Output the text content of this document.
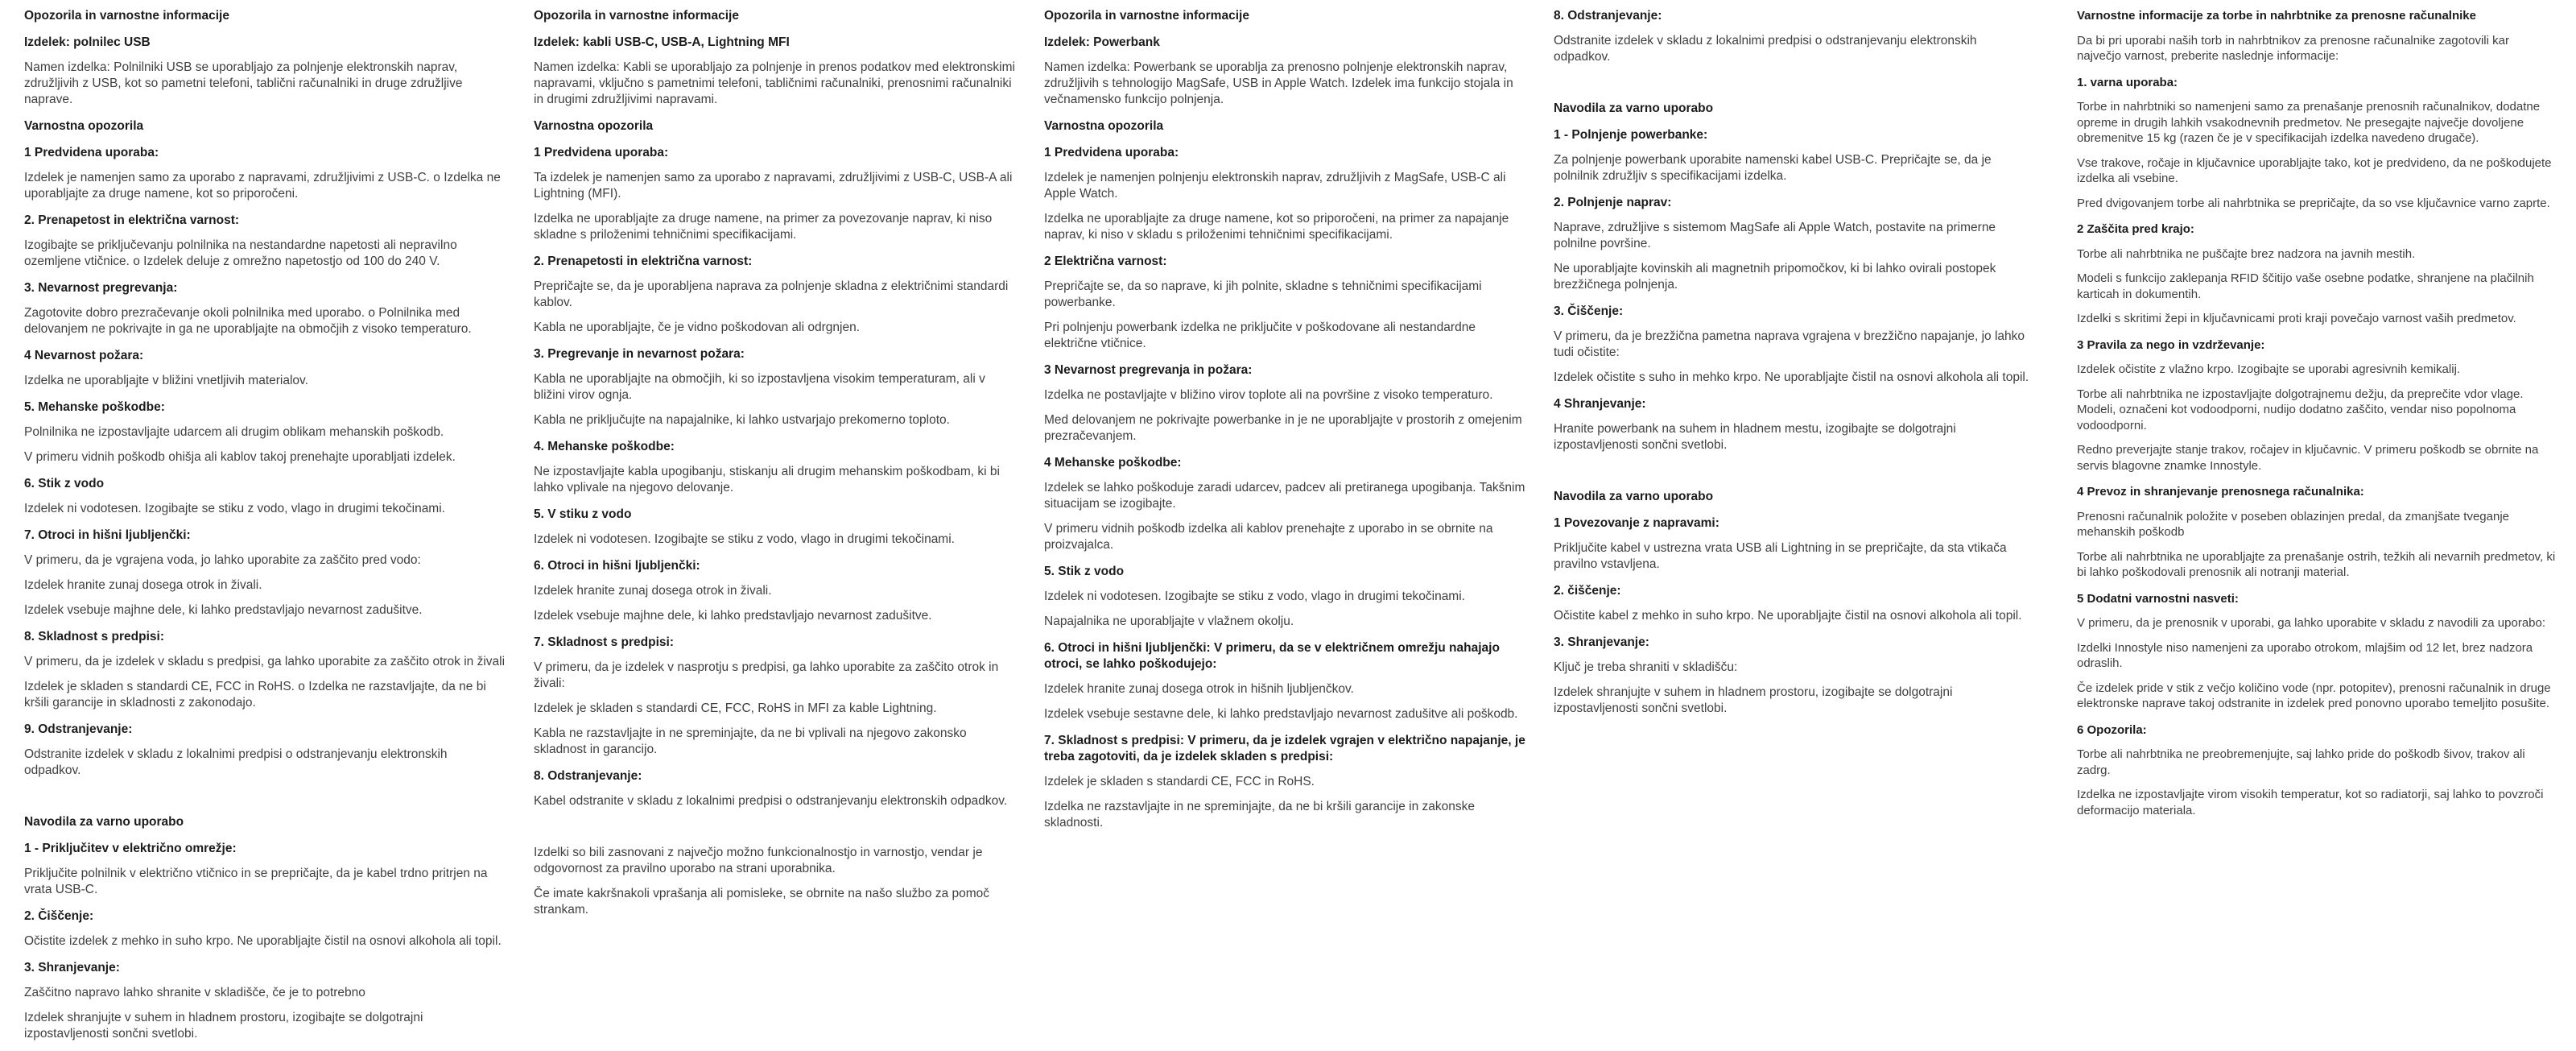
Opozorila in varnostne informacije
Izdelek: polnilec USB
Namen izdelka: Polnilniki USB se uporabljajo za polnjenje elektronskih naprav, združljivih z USB, kot so pametni telefoni, tablični računalniki in druge združljive naprave.
Varnostna opozorila
1 Predvidena uporaba:
Izdelek je namenjen samo za uporabo z napravami, združljivimi z USB-C. o Izdelka ne uporabljajte za druge namene, kot so priporočeni.
2. Prenapetost in električna varnost:
Izogibajte se priključevanju polnilnika na nestandardne napetosti ali nepravilno ozemljene vtičnice. o Izdelek deluje z omrežno napetostjo od 100 do 240 V.
3. Nevarnost pregrevanja:
Zagotovite dobro prezračevanje okoli polnilnika med uporabo. o Polnilnika med delovanjem ne pokrivajte in ga ne uporabljajte na območjih z visoko temperaturo.
4 Nevarnost požara:
Izdelka ne uporabljajte v bližini vnetljivih materialov.
5. Mehanske poškodbe:
Polnilnika ne izpostavljajte udarcem ali drugim oblikam mehanskih poškodb.
V primeru vidnih poškodb ohišja ali kablov takoj prenehajte uporabljati izdelek.
6. Stik z vodo
Izdelek ni vodotesen. Izogibajte se stiku z vodo, vlago in drugimi tekočinami.
7. Otroci in hišni ljubljenčki:
V primeru, da je vgrajena voda, jo lahko uporabite za zaščito pred vodo:
Izdelek hranite zunaj dosega otrok in živali.
Izdelek vsebuje majhne dele, ki lahko predstavljajo nevarnost zadušitve.
8. Skladnost s predpisi:
V primeru, da je izdelek v skladu s predpisi, ga lahko uporabite za zaščito otrok in živali
Izdelek je skladen s standardi CE, FCC in RoHS. o Izdelka ne razstavljajte, da ne bi kršili garancije in skladnosti z zakonodajo.
9. Odstranjevanje:
Odstranite izdelek v skladu z lokalnimi predpisi o odstranjevanju elektronskih odpadkov.
Navodila za varno uporabo
1 - Priključitev v električno omrežje:
Priključite polnilnik v električno vtičnico in se prepričajte, da je kabel trdno pritrjen na vrata USB-C.
2. Čiščenje:
Očistite izdelek z mehko in suho krpo. Ne uporabljajte čistil na osnovi alkohola ali topil.
3. Shranjevanje:
Zaščitno napravo lahko shranite v skladišče, če je to potrebno
Izdelek shranjujte v suhem in hladnem prostoru, izogibajte se dolgotrajni izpostavljenosti sončni svetlobi.
Opozorila in varnostne informacije
Izdelek: kabli USB-C, USB-A, Lightning MFI
Namen izdelka: Kabli se uporabljajo za polnjenje in prenos podatkov med elektronskimi napravami, vključno s pametnimi telefoni, tabličnimi računalniki, prenosnimi računalniki in drugimi združljivimi napravami.
Varnostna opozorila
1 Predvidena uporaba:
Ta izdelek je namenjen samo za uporabo z napravami, združljivimi z USB-C, USB-A ali Lightning (MFI).
Izdelka ne uporabljajte za druge namene, na primer za povezovanje naprav, ki niso skladne s priloženimi tehničnimi specifikacijami.
2. Prenapetosti in električna varnost:
Prepričajte se, da je uporabljena naprava za polnjenje skladna z električnimi standardi kablov.
Kabla ne uporabljajte, če je vidno poškodovan ali odrgnjen.
3. Pregrevanje in nevarnost požara:
Kabla ne uporabljajte na območjih, ki so izpostavljena visokim temperaturam, ali v bližini virov ognja.
Kabla ne priključujte na napajalnike, ki lahko ustvarjajo prekomerno toploto.
4. Mehanske poškodbe:
Ne izpostavljajte kabla upogibanju, stiskanju ali drugim mehanskim poškodbam, ki bi lahko vplivale na njegovo delovanje.
5. V stiku z vodo
Izdelek ni vodotesen. Izogibajte se stiku z vodo, vlago in drugimi tekočinami.
6. Otroci in hišni ljubljenčki:
Izdelek hranite zunaj dosega otrok in živali.
Izdelek vsebuje majhne dele, ki lahko predstavljajo nevarnost zadušitve.
7. Skladnost s predpisi:
V primeru, da je izdelek v nasprotju s predpisi, ga lahko uporabite za zaščito otrok in živali:
Izdelek je skladen s standardi CE, FCC, RoHS in MFI za kable Lightning.
Kabla ne razstavljajte in ne spreminjajte, da ne bi vplivali na njegovo zakonsko skladnost in garancijo.
8. Odstranjevanje:
Kabel odstranite v skladu z lokalnimi predpisi o odstranjevanju elektronskih odpadkov.
Izdelki so bili zasnovani z največjo možno funkcionalnostjo in varnostjo, vendar je odgovornost za pravilno uporabo na strani uporabnika.
Če imate kakršnakoli vprašanja ali pomisleke, se obrnite na našo službo za pomoč strankam.
Opozorila in varnostne informacije
Izdelek: Powerbank
Namen izdelka: Powerbank se uporablja za prenosno polnjenje elektronskih naprav, združljivih s tehnologijo MagSafe, USB in Apple Watch. Izdelek ima funkcijo stojala in večnamensko funkcijo polnjenja.
Varnostna opozorila
1 Predvidena uporaba:
Izdelek je namenjen polnjenju elektronskih naprav, združljivih z MagSafe, USB-C ali Apple Watch.
Izdelka ne uporabljajte za druge namene, kot so priporočeni, na primer za napajanje naprav, ki niso v skladu s priloženimi tehničnimi specifikacijami.
2 Električna varnost:
Prepričajte se, da so naprave, ki jih polnite, skladne s tehničnimi specifikacijami powerbanke.
Pri polnjenju powerbank izdelka ne priključite v poškodovane ali nestandardne električne vtičnice.
3 Nevarnost pregrevanja in požara:
Izdelka ne postavljajte v bližino virov toplote ali na površine z visoko temperaturo.
Med delovanjem ne pokrivajte powerbanke in je ne uporabljajte v prostorih z omejenim prezračevanjem.
4 Mehanske poškodbe:
Izdelek se lahko poškoduje zaradi udarcev, padcev ali pretiranega upogibanja. Takšnim situacijam se izogibajte.
V primeru vidnih poškodb izdelka ali kablov prenehajte z uporabo in se obrnite na proizvajalca.
5. Stik z vodo
Izdelek ni vodotesen. Izogibajte se stiku z vodo, vlago in drugimi tekočinami.
Napajalnika ne uporabljajte v vlažnem okolju.
6. Otroci in hišni ljubljenčki: V primeru, da se v električnem omrežju nahajajo otroci, se lahko poškodujejo:
Izdelek hranite zunaj dosega otrok in hišnih ljubljenčkov.
Izdelek vsebuje sestavne dele, ki lahko predstavljajo nevarnost zadušitve ali poškodb.
7. Skladnost s predpisi: V primeru, da je izdelek vgrajen v električno napajanje, je treba zagotoviti, da je izdelek skladen s predpisi:
Izdelek je skladen s standardi CE, FCC in RoHS.
Izdelka ne razstavljajte in ne spreminjajte, da ne bi kršili garancije in zakonske skladnosti.
8. Odstranjevanje:
Odstranite izdelek v skladu z lokalnimi predpisi o odstranjevanju elektronskih odpadkov.
Navodila za varno uporabo
1 - Polnjenje powerbanke:
Za polnjenje powerbank uporabite namenski kabel USB-C. Prepričajte se, da je polnilnik združljiv s specifikacijami izdelka.
2. Polnjenje naprav:
Naprave, združljive s sistemom MagSafe ali Apple Watch, postavite na primerne polnilne površine.
Ne uporabljajte kovinskih ali magnetnih pripomočkov, ki bi lahko ovirali postopek brezžičnega polnjenja.
3. Čiščenje:
V primeru, da je brezžična pametna naprava vgrajena v brezžično napajanje, jo lahko tudi očistite:
Izdelek očistite s suho in mehko krpo. Ne uporabljajte čistil na osnovi alkohola ali topil.
4 Shranjevanje:
Hranite powerbank na suhem in hladnem mestu, izogibajte se dolgotrajni izpostavljenosti sončni svetlobi.
Navodila za varno uporabo
1 Povezovanje z napravami:
Priključite kabel v ustrezna vrata USB ali Lightning in se prepričajte, da sta vtikača pravilno vstavljena.
2. čiščenje:
Očistite kabel z mehko in suho krpo. Ne uporabljajte čistil na osnovi alkohola ali topil.
3. Shranjevanje:
Ključ je treba shraniti v skladišču:
Izdelek shranjujte v suhem in hladnem prostoru, izogibajte se dolgotrajni izpostavljenosti sončni svetlobi.
Varnostne informacije za torbe in nahrbtnike za prenosne računalnike
Da bi pri uporabi naših torb in nahrbtnikov za prenosne računalnike zagotovili kar največjo varnost, preberite naslednje informacije:
1. varna uporaba:
Torbe in nahrbtniki so namenjeni samo za prenašanje prenosnih računalnikov, dodatne opreme in drugih lahkih vsakodnevnih predmetov. Ne presegajte največje dovoljene obremenitve 15 kg (razen če je v specifikacijah izdelka navedeno drugače).
Vse trakove, ročaje in ključavnice uporabljajte tako, kot je predvideno, da ne poškodujete izdelka ali vsebine.
Pred dvigovanjem torbe ali nahrbtnika se prepričajte, da so vse ključavnice varno zaprte.
2 Zaščita pred krajo:
Torbe ali nahrbtnika ne puščajte brez nadzora na javnih mestih.
Modeli s funkcijo zaklepanja RFID ščitijo vaše osebne podatke, shranjene na plačilnih karticah in dokumentih.
Izdelki s skritimi žepi in ključavnicami proti kraji povečajo varnost vaših predmetov.
3 Pravila za nego in vzdrževanje:
Izdelek očistite z vlažno krpo. Izogibajte se uporabi agresivnih kemikalij.
Torbe ali nahrbtnika ne izpostavljajte dolgotrajnemu dežju, da preprečite vdor vlage. Modeli, označeni kot vodoodporni, nudijo dodatno zaščito, vendar niso popolnoma vodoodporni.
Redno preverjajte stanje trakov, ročajev in ključavnic. V primeru poškodb se obrnite na servis blagovne znamke Innostyle.
4 Prevoz in shranjevanje prenosnega računalnika:
Prenosni računalnik položite v poseben oblazinjen predal, da zmanjšate tveganje mehanskih poškodb
Torbe ali nahrbtnika ne uporabljajte za prenašanje ostrih, težkih ali nevarnih predmetov, ki bi lahko poškodovali prenosnik ali notranji material.
5 Dodatni varnostni nasveti:
V primeru, da je prenosnik v uporabi, ga lahko uporabite v skladu z navodili za uporabo:
Izdelki Innostyle niso namenjeni za uporabo otrokom, mlajšim od 12 let, brez nadzora odraslih.
Če izdelek pride v stik z večjo količino vode (npr. potopitev), prenosni računalnik in druge elektronske naprave takoj odstranite in izdelek pred ponovno uporabo temeljito posušite.
6 Opozorila:
Torbe ali nahrbtnika ne preobremenjujte, saj lahko pride do poškodb šivov, trakov ali zadrg.
Izdelka ne izpostavljajte virom visokih temperatur, kot so radiatorji, saj lahko to povzroči deformacijo materiala.
